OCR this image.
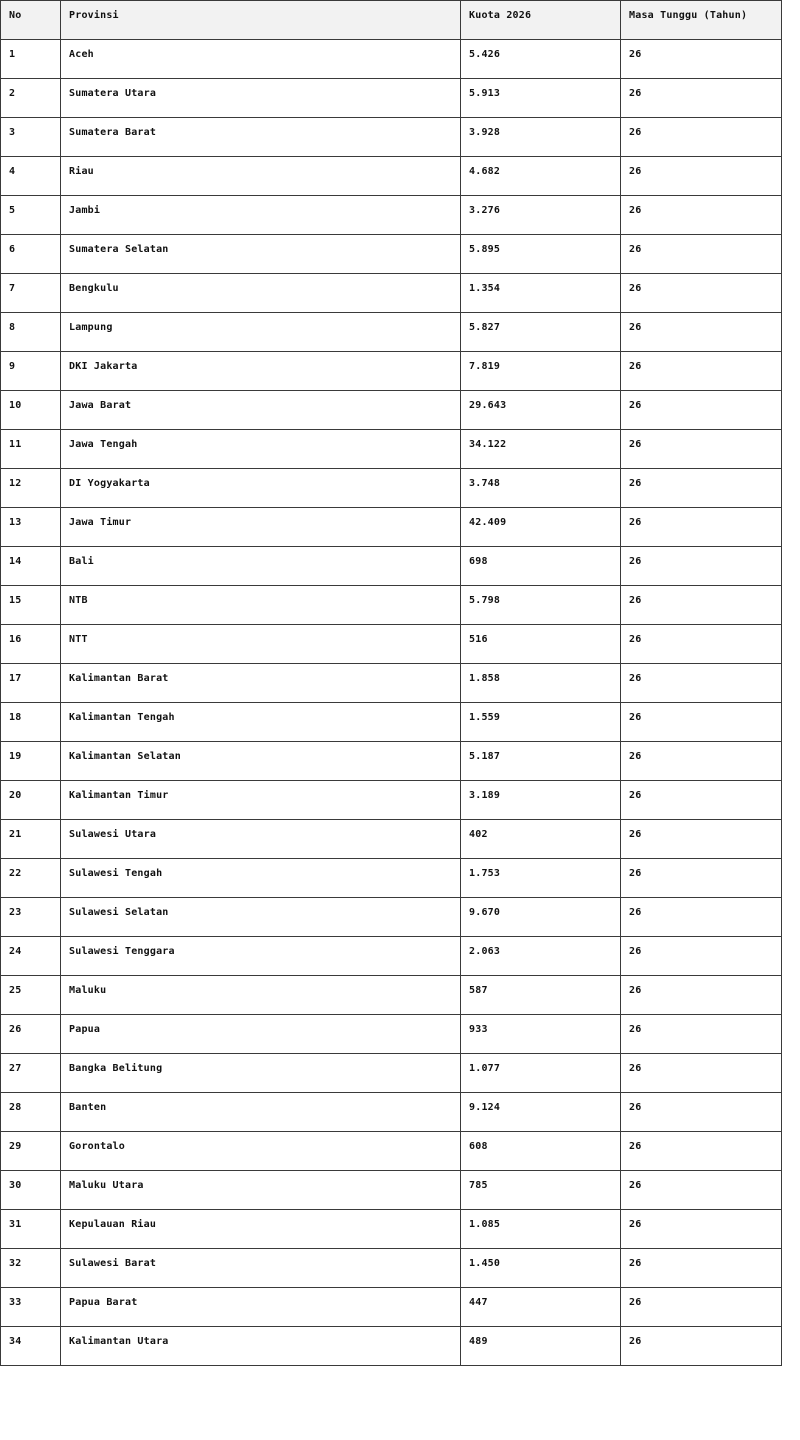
No	Provinsi	Kuota 2026	Masa Tunggu (Tahun)
1	Aceh	5.426	26
2	Sumatera Utara	5.913	26
3	Sumatera Barat	3.928	26
4	Riau	4.682	26
5	Jambi	3.276	26
6	Sumatera Selatan	5.895	26
7	Bengkulu	1.354	26
8	Lampung	5.827	26
9	DKI Jakarta	7.819	26
10	Jawa Barat	29.643	26
11	Jawa Tengah	34.122	26
12	DI Yogyakarta	3.748	26
13	Jawa Timur	42.409	26
14	Bali	698	26
15	NTB	5.798	26
16	NTT	516	26
17	Kalimantan Barat	1.858	26
18	Kalimantan Tengah	1.559	26
19	Kalimantan Selatan	5.187	26
20	Kalimantan Timur	3.189	26
21	Sulawesi Utara	402	26
22	Sulawesi Tengah	1.753	26
23	Sulawesi Selatan	9.670	26
24	Sulawesi Tenggara	2.063	26
25	Maluku	587	26
26	Papua	933	26
27	Bangka Belitung	1.077	26
28	Banten	9.124	26
29	Gorontalo	608	26
30	Maluku Utara	785	26
31	Kepulauan Riau	1.085	26
32	Sulawesi Barat	1.450	26
33	Papua Barat	447	26
34	Kalimantan Utara	489	26
